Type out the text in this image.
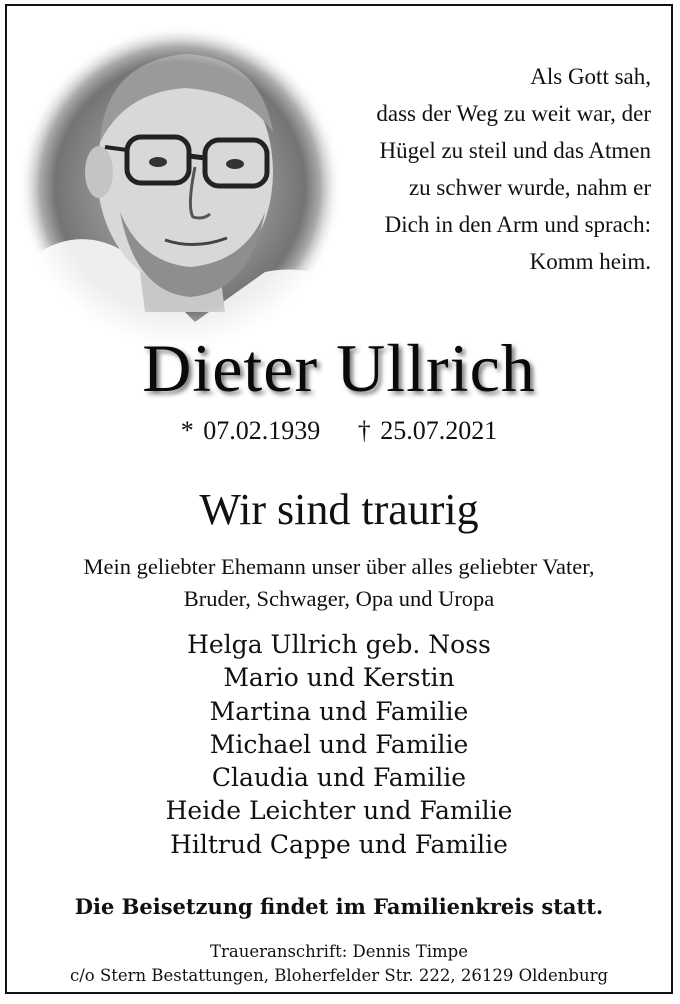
Als Gott sah,
dass der Weg zu weit war, der
Hügel zu steil und das Atmen
zu schwer wurde, nahm er
Dich in den Arm und sprach:
Komm heim.
Dieter Ullrich
* 07.02.1939 † 25.07.2021
Wir sind traurig
Mein geliebter Ehemann unser über alles geliebter Vater,
Bruder, Schwager, Opa und Uropa
Helga Ullrich geb. Noss
Mario und Kerstin
Martina und Familie
Michael und Familie
Claudia und Familie
Heide Leichter und Familie
Hiltrud Cappe und Familie
Die Beisetzung findet im Familienkreis statt.
Traueranschrift: Dennis Timpe
c/o Stern Bestattungen, Bloherfelder Str. 222, 26129 Oldenburg
